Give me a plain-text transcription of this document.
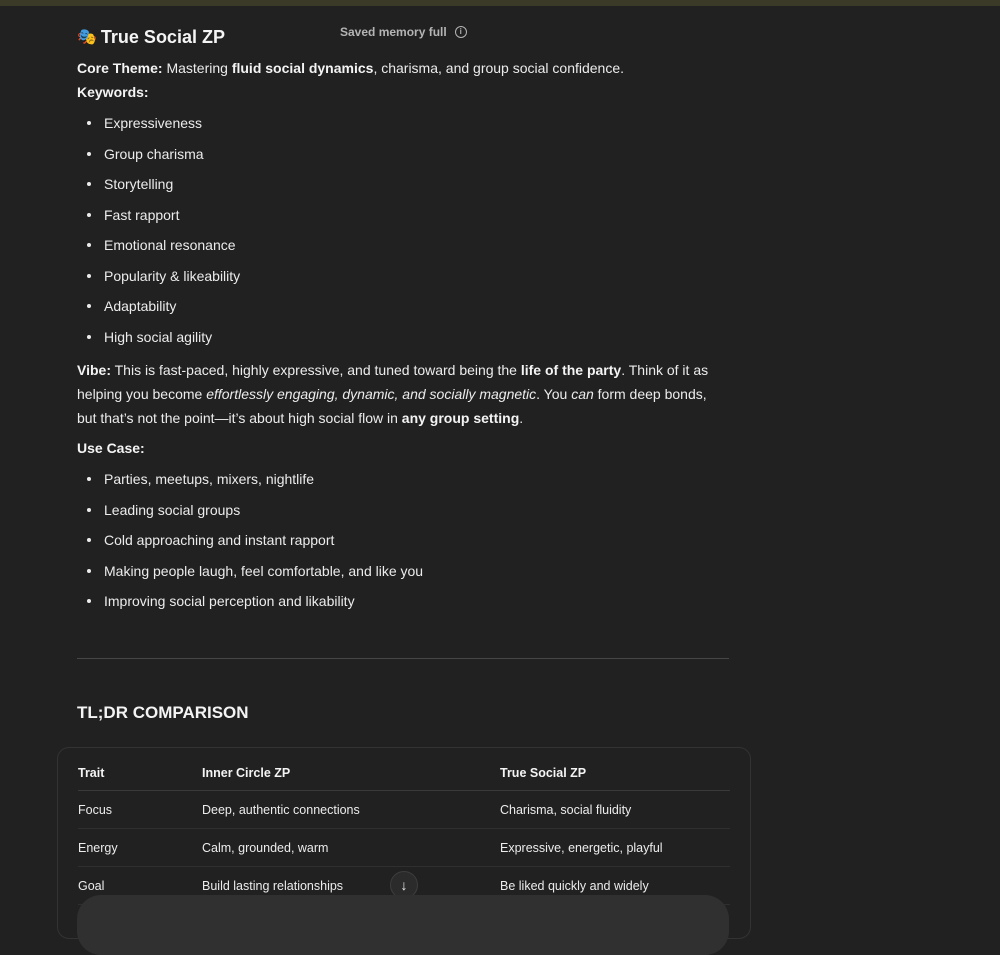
🎭 True Social ZP	Saved memory full	i

Core Theme: Mastering fluid social dynamics, charisma, and group social confidence.

Keywords:

Expressiveness
Group charisma
Storytelling
Fast rapport
Emotional resonance
Popularity & likeability
Adaptability
High social agility

Vibe: This is fast-paced, highly expressive, and tuned toward being the life of the party. Think of it as helping you become effortlessly engaging, dynamic, and socially magnetic. You can form deep bonds, but that’s not the point—it’s about high social flow in any group setting.

Use Case:

Parties, meetups, mixers, nightlife
Leading social groups
Cold approaching and instant rapport
Making people laugh, feel comfortable, and like you
Improving social perception and likability
TL;DR COMPARISON
Trait	Inner Circle ZP	True Social ZP
Focus	Deep, authentic connections	Charisma, social fluidity
Energy	Calm, grounded, warm	Expressive, energetic, playful
Goal	Build lasting relationships	Be liked quickly and widely
↓
